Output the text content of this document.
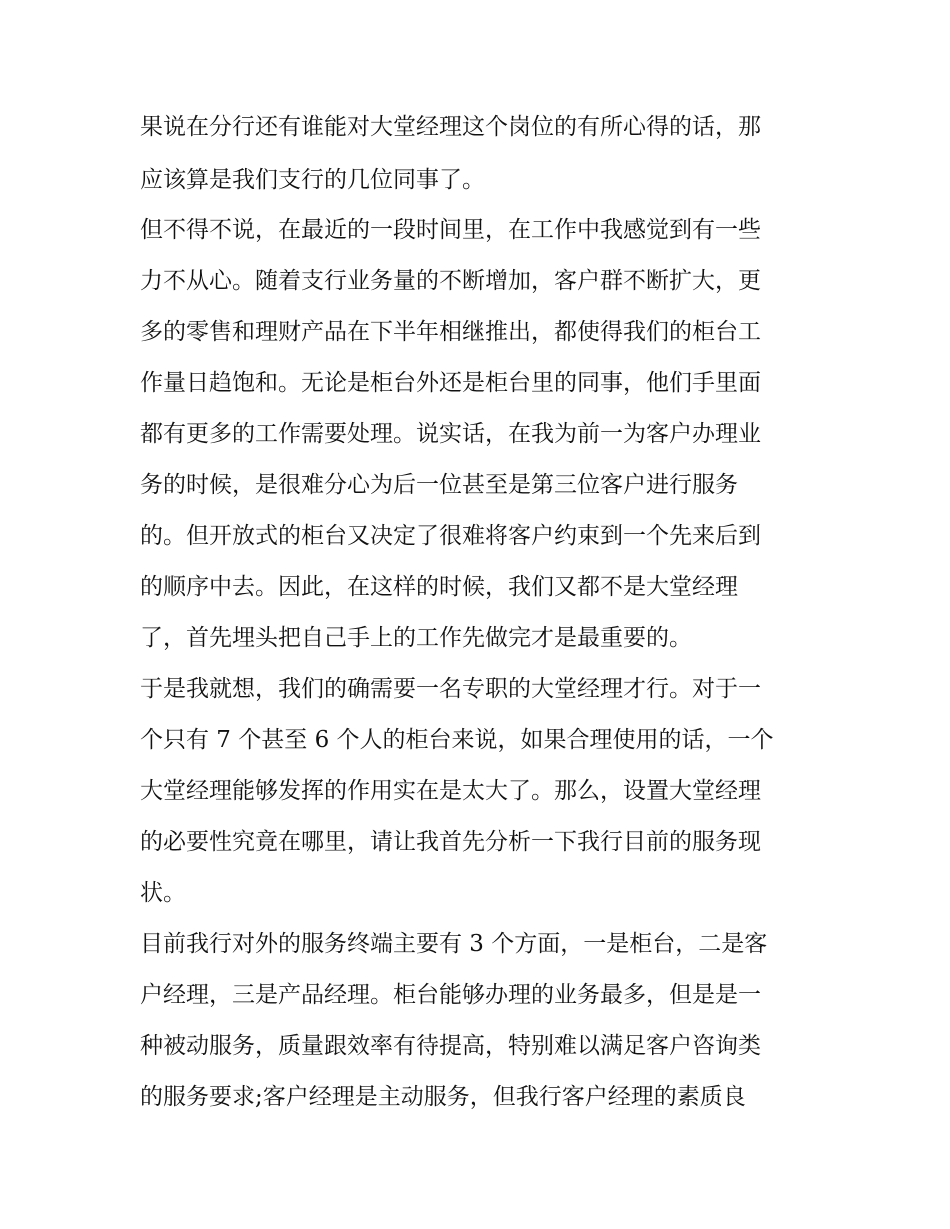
果说在分行还有谁能对大堂经理这个岗位的有所心得的话，那
应该算是我们支行的几位同事了。
但不得不说，在最近的一段时间里，在工作中我感觉到有一些
力不从心。随着支行业务量的不断增加，客户群不断扩大，更
多的零售和理财产品在下半年相继推出，都使得我们的柜台工
作量日趋饱和。无论是柜台外还是柜台里的同事，他们手里面
都有更多的工作需要处理。说实话，在我为前一为客户办理业
务的时候，是很难分心为后一位甚至是第三位客户进行服务
的。但开放式的柜台又决定了很难将客户约束到一个先来后到
的顺序中去。因此，在这样的时候，我们又都不是大堂经理
了，首先埋头把自己手上的工作先做完才是最重要的。
于是我就想，我们的确需要一名专职的大堂经理才行。对于一
个只有 7 个甚至 6 个人的柜台来说，如果合理使用的话，一个
大堂经理能够发挥的作用实在是太大了。那么，设置大堂经理
的必要性究竟在哪里，请让我首先分析一下我行目前的服务现
状。
目前我行对外的服务终端主要有 3 个方面，一是柜台，二是客
户经理，三是产品经理。柜台能够办理的业务最多，但是是一
种被动服务，质量跟效率有待提高，特别难以满足客户咨询类
的服务要求;客户经理是主动服务，但我行客户经理的素质良
